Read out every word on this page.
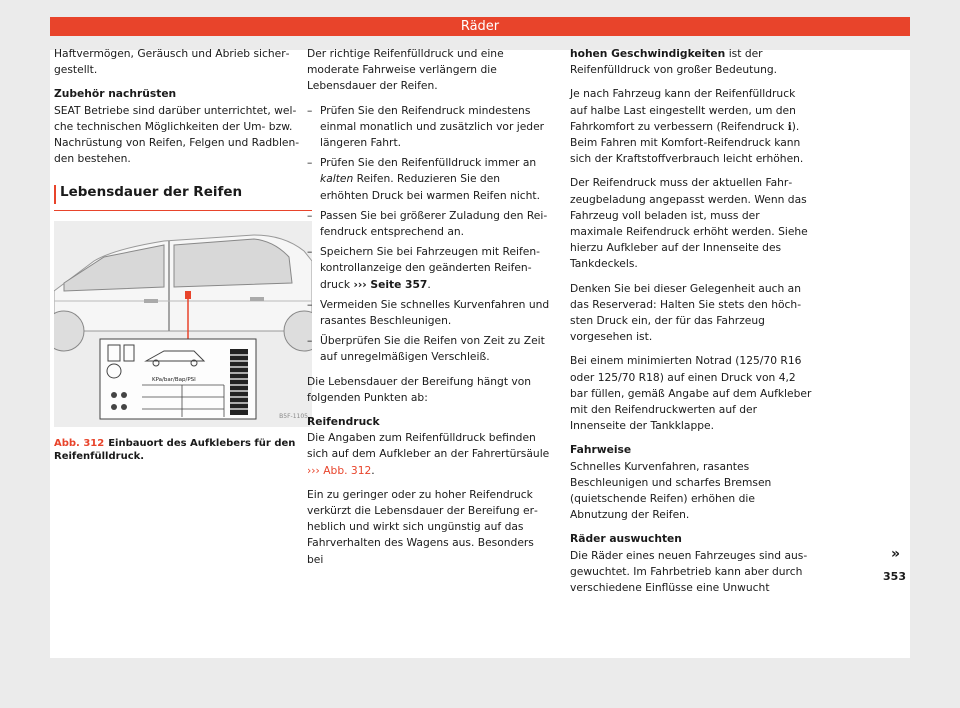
Räder

Haftvermögen, Geräusch und Abrieb sichergestellt.

Zubehör nachrüsten

SEAT Betriebe sind darüber unterrichtet, welche technischen Möglichkeiten der Um- bzw. Nachrüstung von Reifen, Felgen und Radblenden bestehen.

Lebensdauer der Reifen
KPa/bar/Bap/PSI
B5F-1105
Abb. 312 Einbauort des Aufklebers für den Reifenfülldruck.

Der richtige Reifenfülldruck und eine moderate Fahrweise verlängern die Lebensdauer der Reifen.

– Prüfen Sie den Reifendruck mindestens einmal monatlich und zusätzlich vor jeder längeren Fahrt.
– Prüfen Sie den Reifenfülldruck immer an kalten Reifen. Reduzieren Sie den erhöhten Druck bei warmen Reifen nicht.
– Passen Sie bei größerer Zuladung den Reifendruck entsprechend an.
– Speichern Sie bei Fahrzeugen mit Reifenkontrollanzeige den geänderten Reifendruck ››› Seite 357.
– Vermeiden Sie schnelles Kurvenfahren und rasantes Beschleunigen.
– Überprüfen Sie die Reifen von Zeit zu Zeit auf unregelmäßigen Verschleiß.

Die Lebensdauer der Bereifung hängt von folgenden Punkten ab:

Reifendruck

Die Angaben zum Reifenfülldruck befinden sich auf dem Aufkleber an der Fahrertürsäule ››› Abb. 312.

Ein zu geringer oder zu hoher Reifendruck verkürzt die Lebensdauer der Bereifung erheblich und wirkt sich ungünstig auf das Fahrverhalten des Wagens aus. Besonders bei

hohen Geschwindigkeiten ist der Reifenfülldruck von großer Bedeutung.

Je nach Fahrzeug kann der Reifenfülldruck auf halbe Last eingestellt werden, um den Fahrkomfort zu verbessern (Reifendruck ℹ). Beim Fahren mit Komfort-Reifendruck kann sich der Kraftstoffverbrauch leicht erhöhen.

Der Reifendruck muss der aktuellen Fahrzeugbeladung angepasst werden. Wenn das Fahrzeug voll beladen ist, muss der maximale Reifendruck erhöht werden. Siehe hierzu Aufkleber auf der Innenseite des Tankdeckels.

Denken Sie bei dieser Gelegenheit auch an das Reserverad: Halten Sie stets den höchsten Druck ein, der für das Fahrzeug vorgesehen ist.

Bei einem minimierten Notrad (125/70 R16 oder 125/70 R18) auf einen Druck von 4,2 bar füllen, gemäß Angabe auf dem Aufkleber mit den Reifendruckwerten auf der Innenseite der Tankklappe.

Fahrweise

Schnelles Kurvenfahren, rasantes Beschleunigen und scharfes Bremsen (quietschende Reifen) erhöhen die Abnutzung der Reifen.

Räder auswuchten

Die Räder eines neuen Fahrzeuges sind ausgewuchtet. Im Fahrbetrieb kann aber durch verschiedene Einflüsse eine Unwucht

»
353
